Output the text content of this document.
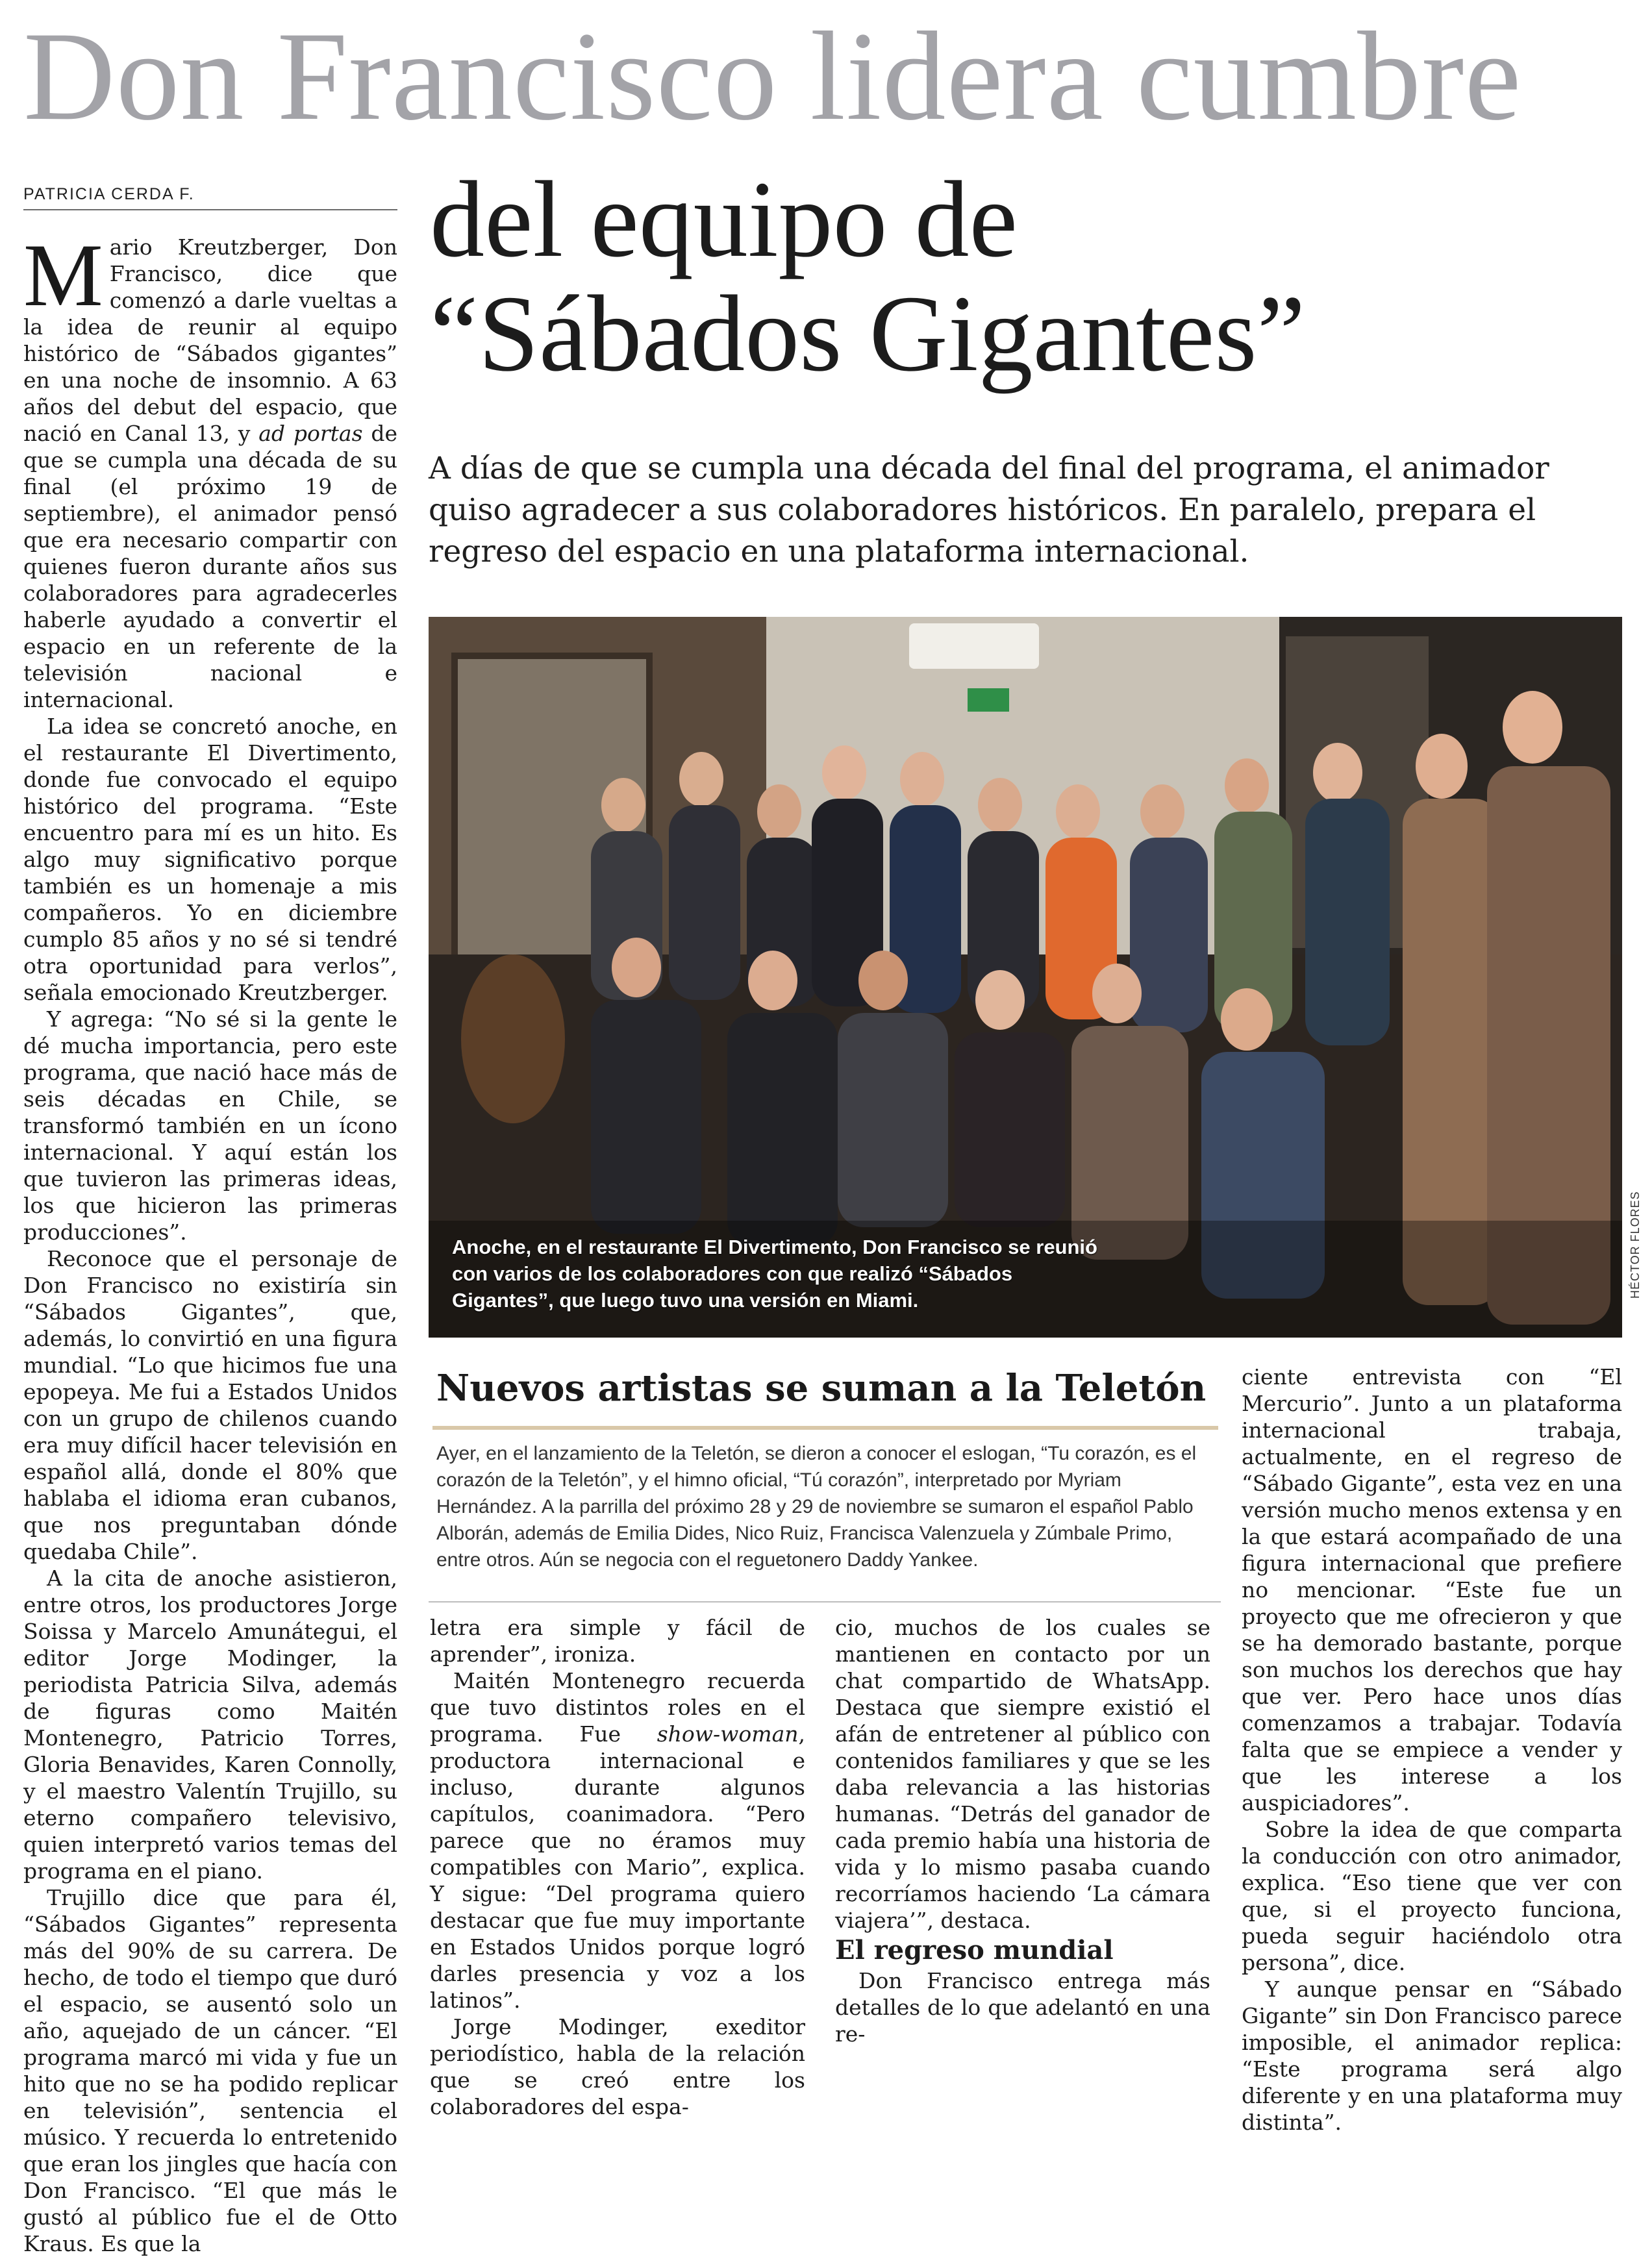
Don Francisco lidera cumbre
PATRICIA CERDA F.	del equipo de
“Sábados Gigantes”
A días de que se cumpla una década del final del programa, el animador quiso agradecer a sus colaboradores históricos. En paralelo, prepara el regreso del espacio en una plataforma internacional.

Mario Kreutzberger, Don Francisco, dice que comenzó a darle vueltas a la idea de reunir al equipo histórico de “Sábados gigantes” en una noche de insomnio. A 63 años del debut del espacio, que nació en Canal 13, y ad portas de que se cumpla una década de su final (el próximo 19 de septiembre), el animador pensó que era necesario compartir con quienes fueron durante años sus colaboradores para agradecerles haberle ayudado a convertir el espacio en un referente de la televisión nacional e internacional.

La idea se concretó anoche, en el restaurante El Divertimento, donde fue convocado el equipo histórico del programa. “Este encuentro para mí es un hito. Es algo muy significativo porque también es un homenaje a mis compañeros. Yo en diciembre cumplo 85 años y no sé si tendré otra oportunidad para verlos”, señala emocionado Kreutzberger.

Y agrega: “No sé si la gente le dé mucha importancia, pero este programa, que nació hace más de seis décadas en Chile, se transformó también en un ícono internacional. Y aquí están los que tuvieron las primeras ideas, los que hicieron las primeras producciones”.

Reconoce que el personaje de Don Francisco no existiría sin “Sábados Gigantes”, que, además, lo convirtió en una figura mundial. “Lo que hicimos fue una epopeya. Me fui a Estados Unidos con un grupo de chilenos cuando era muy difícil hacer televisión en español allá, donde el 80% que hablaba el idioma eran cubanos, que nos preguntaban dónde quedaba Chile”.

A la cita de anoche asistieron, entre otros, los productores Jorge Soissa y Marcelo Amunátegui, el editor Jorge Modinger, la periodista Patricia Silva, además de figuras como Maitén Montenegro, Patricio Torres, Gloria Benavides, Karen Connolly, y el maestro Valentín Trujillo, su eterno compañero televisivo, quien interpretó varios temas del programa en el piano.

Trujillo dice que para él, “Sábados Gigantes” representa más del 90% de su carrera. De hecho, de todo el tiempo que duró el espacio, se ausentó solo un año, aquejado de un cáncer. “El programa marcó mi vida y fue un hito que no se ha podido replicar en televisión”, sentencia el músico. Y recuerda lo entretenido que eran los jingles que hacía con Don Francisco. “El que más le gustó al público fue el de Otto Kraus. Es que la

Anoche, en el restaurante El Divertimento, Don Francisco se reunió con varios de los colaboradores con que realizó “Sábados Gigantes”, que luego tuvo una versión en Miami.
HÉCTOR FLORES
Nuevos artistas se suman a la Teletón
Ayer, en el lanzamiento de la Teletón, se dieron a conocer el eslogan, “Tu corazón, es el corazón de la Teletón”, y el himno oficial, “Tú corazón”, interpretado por Myriam Hernández. A la parrilla del próximo 28 y 29 de noviembre se sumaron el español Pablo Alborán, además de Emilia Dides, Nico Ruiz, Francisca Valenzuela y Zúmbale Primo, entre otros. Aún se negocia con el reguetonero Daddy Yankee.

letra era simple y fácil de aprender”, ironiza.

Maitén Montenegro recuerda que tuvo distintos roles en el programa. Fue show-woman, productora internacional e incluso, durante algunos capítulos, coanimadora. “Pero parece que no éramos muy compatibles con Mario”, explica. Y sigue: “Del programa quiero destacar que fue muy importante en Estados Unidos porque logró darles presencia y voz a los latinos”.

Jorge Modinger, exeditor periodístico, habla de la relación que se creó entre los colaboradores del espa-

cio, muchos de los cuales se mantienen en contacto por un chat compartido de WhatsApp. Destaca que siempre existió el afán de entretener al público con contenidos familiares y que se les daba relevancia a las historias humanas. “Detrás del ganador de cada premio había una historia de vida y lo mismo pasaba cuando recorríamos haciendo ‘La cámara viajera’”, destaca.

El regreso mundial

Don Francisco entrega más detalles de lo que adelantó en una re-

ciente entrevista con “El Mercurio”. Junto a un plataforma internacional trabaja, actualmente, en el regreso de “Sábado Gigante”, esta vez en una versión mucho menos extensa y en la que estará acompañado de una figura internacional que prefiere no mencionar. “Este fue un proyecto que me ofrecieron y que se ha demorado bastante, porque son muchos los derechos que hay que ver. Pero hace unos días comenzamos a trabajar. Todavía falta que se empiece a vender y que les interese a los auspiciadores”.

Sobre la idea de que comparta la conducción con otro animador, explica. “Eso tiene que ver con que, si el proyecto funciona, pueda seguir haciéndolo otra persona”, dice.

Y aunque pensar en “Sábado Gigante” sin Don Francisco parece imposible, el animador replica: “Este programa será algo diferente y en una plataforma muy distinta”.
